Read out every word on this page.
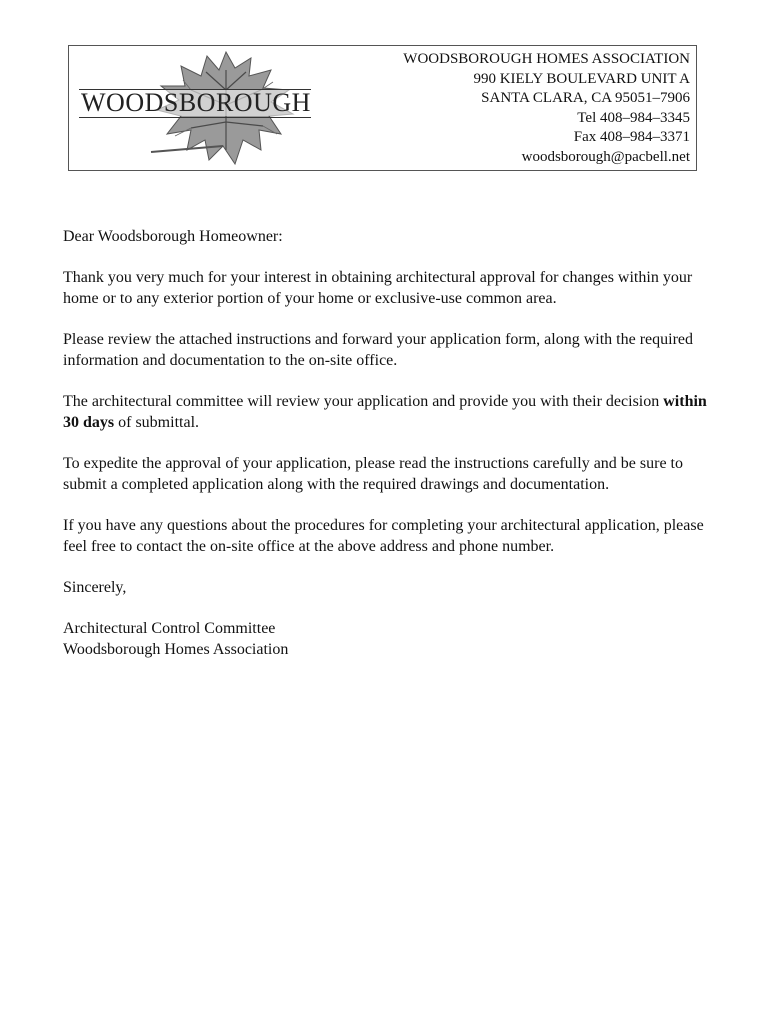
WOODSBOROUGH
WOODSBOROUGH HOMES ASSOCIATION
990 KIELY BOULEVARD UNIT A
SANTA CLARA, CA 95051–7906
Tel 408–984–3345
Fax 408–984–3371
woodsborough@pacbell.net

Dear Woodsborough Homeowner:

Thank you very much for your interest in obtaining architectural approval for changes within your home or to any exterior portion of your home or exclusive-use common area.

Please review the attached instructions and forward your application form, along with the required information and documentation to the on-site office.

The architectural committee will review your application and provide you with their decision within 30 days of submittal.

To expedite the approval of your application, please read the instructions carefully and be sure to submit a completed application along with the required drawings and documentation.

If you have any questions about the procedures for completing your architectural application, please feel free to contact the on-site office at the above address and phone number.

Sincerely,

Architectural Control Committee

Woodsborough Homes Association
